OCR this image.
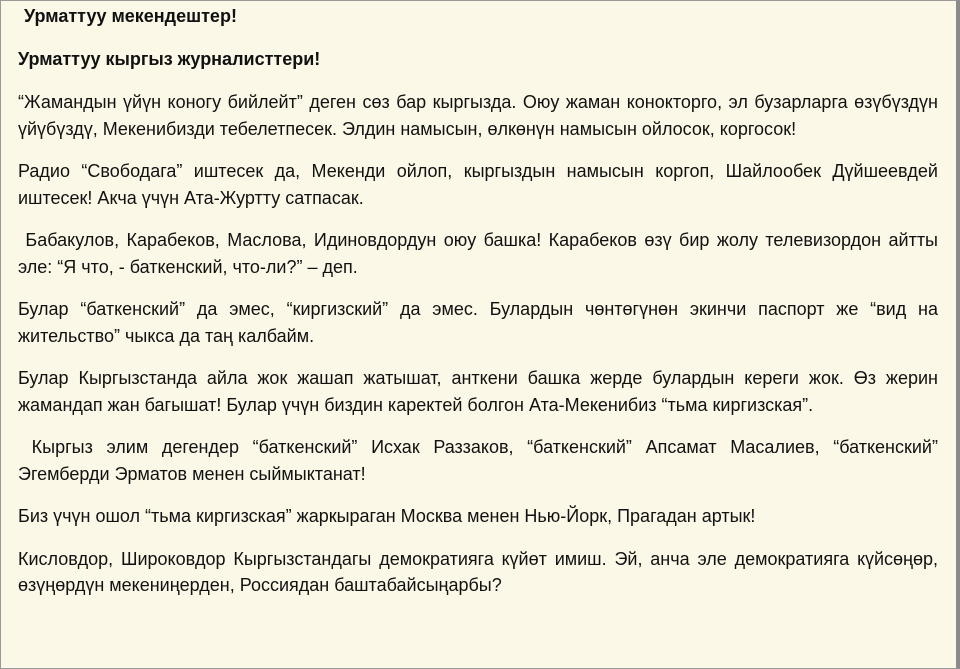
Урматтуу мекендештер!

Урматтуу кыргыз журналисттери!

“Жамандын үйүн коногу бийлейт” деген сөз бар кыргызда. Оюу жаман конокторго, эл бузарларга өзүбүздүн үйүбүздү, Мекенибизди тебелетпесек. Элдин намысын, өлкөнүн намысын ойлосок, коргосок!

Радио “Свободага” иштесек да, Мекенди ойлоп, кыргыздын намысын коргоп, Шайлообек Дүйшеевдей иштесек! Акча үчүн Ата-Журтту сатпасак.

Бабакулов, Карабеков, Маслова, Идиновдордун оюу башка! Карабеков өзү бир жолу телевизордон айтты эле: “Я что, - баткенский, что-ли?” – деп.

Булар “баткенский” да эмес, “киргизский” да эмес. Булардын чөнтөгүнөн экинчи паспорт же “вид на жительство” чыкса да таң калбайм.

Булар Кыргызстанда айла жок жашап жатышат, анткени башка жерде булардын кереги жок. Өз жерин жамандап жан багышат! Булар үчүн биздин каректей болгон Ата-Мекенибиз “тьма киргизская”.

Кыргыз элим дегендер “баткенский” Исхак Раззаков, “баткенский” Апсамат Масалиев, “баткенский” Эгемберди Эрматов менен сыймыктанат!

Биз үчүн ошол “тьма киргизская” жаркыраган Москва менен Нью-Йорк, Прагадан артык!

Кисловдор, Широковдор Кыргызстандагы демократияга күйөт имиш. Эй, анча эле демократияга күйсөңөр, өзүңөрдүн мекениңерден, Россиядан баштабайсыңарбы?
